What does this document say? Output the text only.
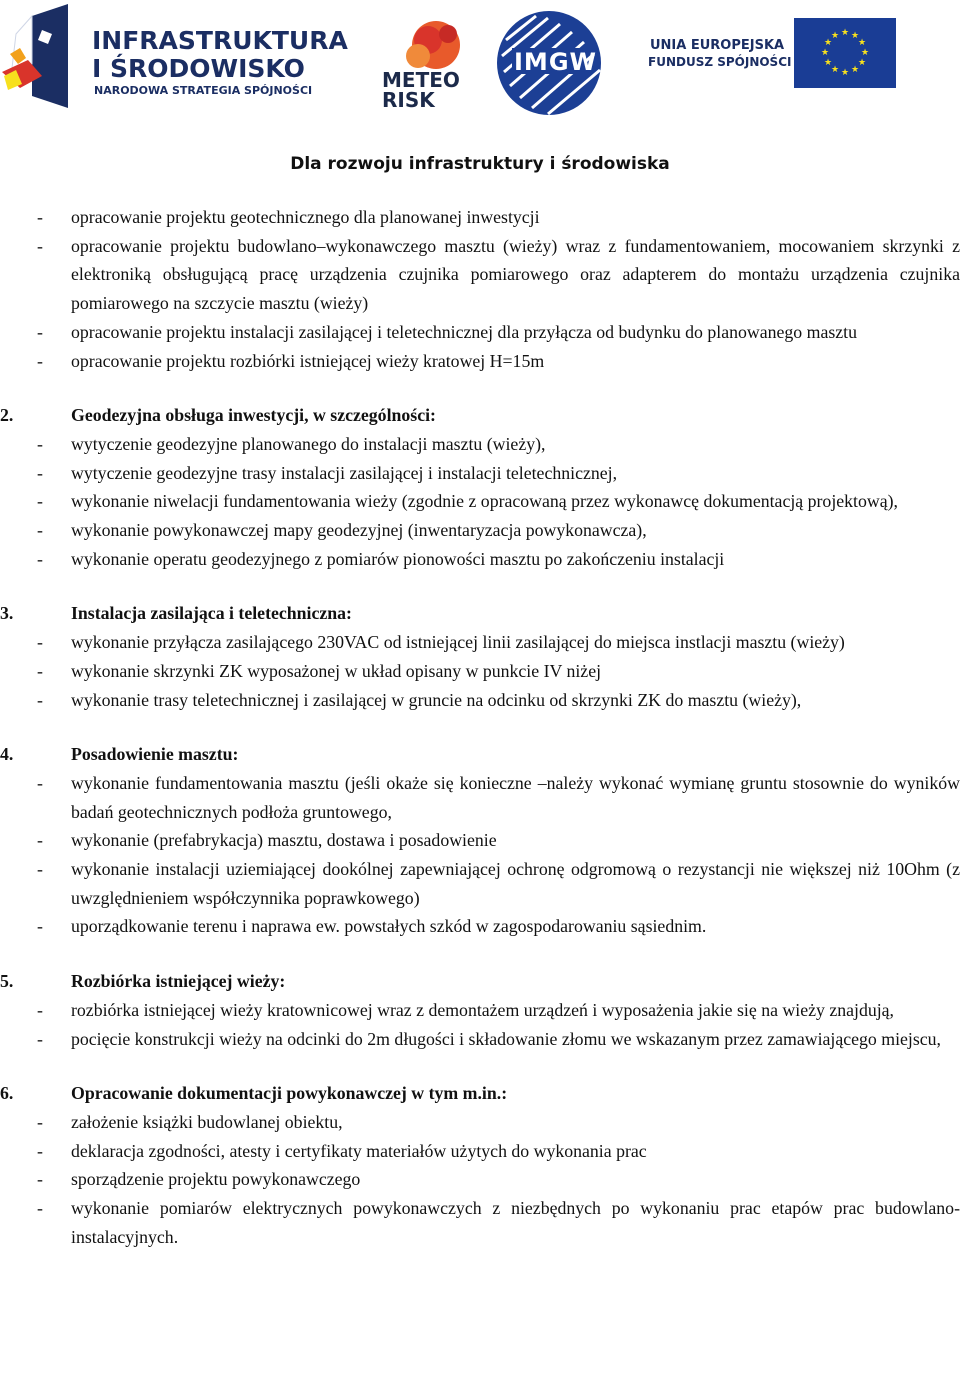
INFRASTRUKTURA
I ŚRODOWISKO
NARODOWA STRATEGIA SPÓJNOŚCI	METEO
RISK
IMGW
UNIA EUROPEJSKA
FUNDUSZ SPÓJNOŚCI
★ ★
★
★
★
★
★
★
★
★
★
★
Dla rozwoju infrastruktury i środowiska
- opracowanie projektu geotechnicznego dla planowanej inwestycji
- opracowanie projektu budowlano–wykonawczego masztu (wieży) wraz z fundamentowaniem, mocowaniem skrzynki z elektroniką obsługującą pracę urządzenia czujnika pomiarowego oraz adapterem do montażu urządzenia czujnika pomiarowego na szczycie masztu (wieży)
- opracowanie projektu instalacji zasilającej i teletechnicznej dla przyłącza od budynku do planowanego masztu
- opracowanie projektu rozbiórki istniejącej wieży kratowej H=15m
2.	Geodezyjna obsługa inwestycji, w szczególności:
- wytyczenie geodezyjne planowanego do instalacji masztu (wieży),
- wytyczenie geodezyjne trasy instalacji zasilającej i instalacji teletechnicznej,
- wykonanie niwelacji fundamentowania wieży (zgodnie z opracowaną przez wykonawcę dokumentacją projektową),
- wykonanie powykonawczej mapy geodezyjnej (inwentaryzacja powykonawcza),
- wykonanie operatu geodezyjnego z pomiarów pionowości masztu po zakończeniu instalacji
3.	Instalacja zasilająca i teletechniczna:
- wykonanie przyłącza zasilającego 230VAC od istniejącej linii zasilającej do miejsca instlacji masztu (wieży)
- wykonanie skrzynki ZK wyposażonej w układ opisany w punkcie IV niżej
- wykonanie trasy teletechnicznej i zasilającej w gruncie na odcinku od skrzynki ZK do masztu (wieży),
4.	Posadowienie masztu:
- wykonanie fundamentowania masztu (jeśli okaże się konieczne –należy wykonać wymianę gruntu stosownie do wyników badań geotechnicznych podłoża gruntowego,
- wykonanie (prefabrykacja) masztu, dostawa i posadowienie
- wykonanie instalacji uziemiającej dookólnej zapewniającej ochronę odgromową o rezystancji nie większej niż 10Ohm (z uwzględnieniem współczynnika poprawkowego)
- uporządkowanie terenu i naprawa ew. powstałych szkód w zagospodarowaniu sąsiednim.
5.	Rozbiórka istniejącej wieży:
- rozbiórka istniejącej wieży kratownicowej wraz z demontażem urządzeń i wyposażenia jakie się na wieży znajdują,
- pocięcie konstrukcji wieży na odcinki do 2m długości i składowanie złomu we wskazanym przez zamawiającego miejscu,
6.	Opracowanie dokumentacji powykonawczej w tym m.in.:
- założenie książki budowlanej obiektu,
- deklaracja zgodności, atesty i certyfikaty materiałów użytych do wykonania prac
- sporządzenie projektu powykonawczego
- wykonanie pomiarów elektrycznych powykonawczych z niezbędnych po wykonaniu prac etapów prac budowlano-instalacyjnych.
